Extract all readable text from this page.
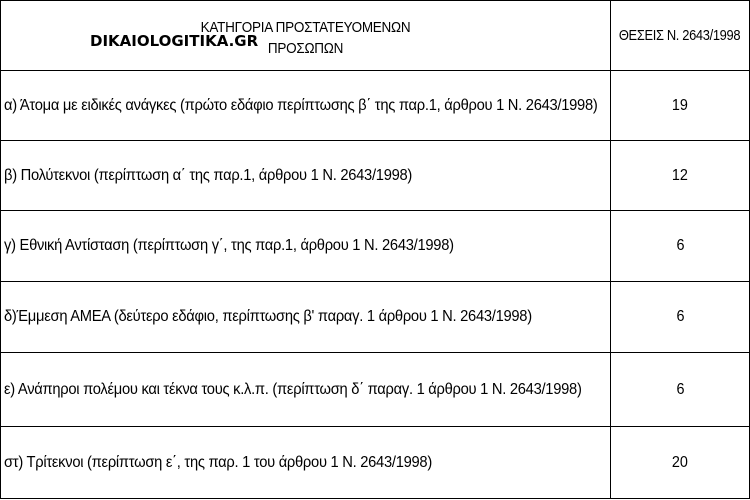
ΚΑΤΗΓΟΡΙΑ ΠΡΟΣΤΑΤΕΥΟΜΕΝΩΝ
ΠΡΟΣΩΠΩΝ
DIKAIOLOGITIKA.GR	ΘΕΣΕΙΣ Ν. 2643/1998

α) Άτομα με ειδικές ανάγκες (πρώτο εδάφιο περίπτωσης β΄ της παρ.1, άρθρου 1 Ν. 2643/1998)	19

β) Πολύτεκνοι (περίπτωση α΄ της παρ.1, άρθρου 1 Ν. 2643/1998)	12

γ) Εθνική Αντίσταση (περίπτωση γ΄, της παρ.1, άρθρου 1 Ν. 2643/1998)	6

δ)Έμμεση ΑΜΕΑ (δεύτερο εδάφιο, περίπτωσης β' παραγ. 1 άρθρου 1 Ν. 2643/1998)	6

ε) Ανάπηροι πολέμου και τέκνα τους κ.λ.π. (περίπτωση δ΄ παραγ. 1 άρθρου 1 Ν. 2643/1998)	6

στ) Τρίτεκνοι (περίπτωση ε΄, της παρ. 1 του άρθρου 1 Ν. 2643/1998)	20
